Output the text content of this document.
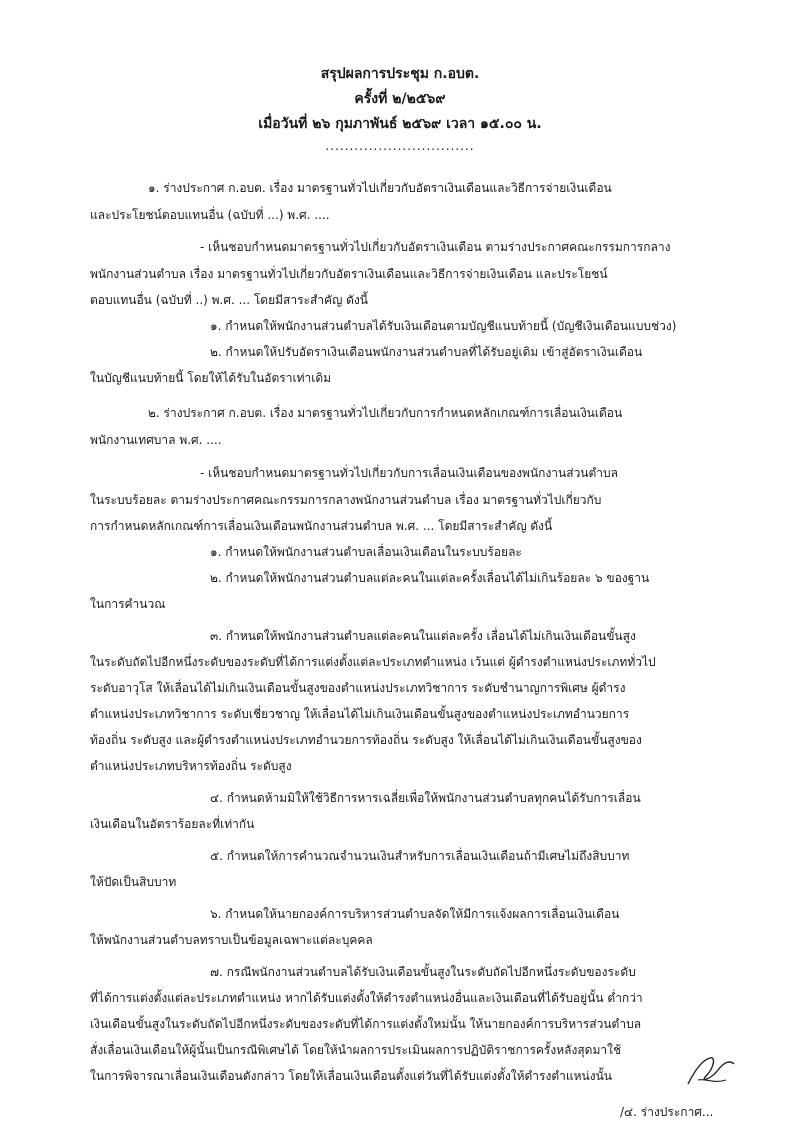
สรุปผลการประชุม ก.อบต.
ครั้งที่ ๒/๒๕๖๙
เมื่อวันที่ ๒๖ กุมภาพันธ์ ๒๕๖๙ เวลา ๑๕.๐๐ น.
...............................
๑. ร่างประกาศ ก.อบต. เรื่อง มาตรฐานทั่วไปเกี่ยวกับอัตราเงินเดือนและวิธีการจ่ายเงินเดือน
และประโยชน์ตอบแทนอื่น (ฉบับที่ ...) พ.ศ. ....
- เห็นชอบกำหนดมาตรฐานทั่วไปเกี่ยวกับอัตราเงินเดือน ตามร่างประกาศคณะกรรมการกลาง
พนักงานส่วนตำบล เรื่อง มาตรฐานทั่วไปเกี่ยวกับอัตราเงินเดือนและวิธีการจ่ายเงินเดือน และประโยชน์
ตอบแทนอื่น (ฉบับที่ ..) พ.ศ. ... โดยมีสาระสำคัญ ดังนี้
๑. กำหนดให้พนักงานส่วนตำบลได้รับเงินเดือนตามบัญชีแนบท้ายนี้ (บัญชีเงินเดือนแบบช่วง)
๒. กำหนดให้ปรับอัตราเงินเดือนพนักงานส่วนตำบลที่ได้รับอยู่เดิม เข้าสู่อัตราเงินเดือน
ในบัญชีแนบท้ายนี้ โดยให้ได้รับในอัตราเท่าเดิม
๒. ร่างประกาศ ก.อบต. เรื่อง มาตรฐานทั่วไปเกี่ยวกับการกำหนดหลักเกณฑ์การเลื่อนเงินเดือน
พนักงานเทศบาล พ.ศ. ....
- เห็นชอบกำหนดมาตรฐานทั่วไปเกี่ยวกับการเลื่อนเงินเดือนของพนักงานส่วนตำบล
ในระบบร้อยละ ตามร่างประกาศคณะกรรมการกลางพนักงานส่วนตำบล เรื่อง มาตรฐานทั่วไปเกี่ยวกับ
การกำหนดหลักเกณฑ์การเลื่อนเงินเดือนพนักงานส่วนตำบล พ.ศ. ... โดยมีสาระสำคัญ ดังนี้
๑. กำหนดให้พนักงานส่วนตำบลเลื่อนเงินเดือนในระบบร้อยละ
๒. กำหนดให้พนักงานส่วนตำบลแต่ละคนในแต่ละครั้งเลื่อนได้ไม่เกินร้อยละ ๖ ของฐาน
ในการคำนวณ
๓. กำหนดให้พนักงานส่วนตำบลแต่ละคนในแต่ละครั้ง เลื่อนได้ไม่เกินเงินเดือนขั้นสูง
ในระดับถัดไปอีกหนึ่งระดับของระดับที่ได้การแต่งตั้งแต่ละประเภทตำแหน่ง เว้นแต่ ผู้ดำรงตำแหน่งประเภททั่วไป
ระดับอาวุโส ให้เลื่อนได้ไม่เกินเงินเดือนขั้นสูงของตำแหน่งประเภทวิชาการ ระดับชำนาญการพิเศษ ผู้ดำรง
ตำแหน่งประเภทวิชาการ ระดับเชี่ยวชาญ ให้เลื่อนได้ไม่เกินเงินเดือนขั้นสูงของตำแหน่งประเภทอำนวยการ
ท้องถิ่น ระดับสูง และผู้ดำรงตำแหน่งประเภทอำนวยการท้องถิ่น ระดับสูง ให้เลื่อนได้ไม่เกินเงินเดือนขั้นสูงของ
ตำแหน่งประเภทบริหารท้องถิ่น ระดับสูง
๔. กำหนดห้ามมิให้ใช้วิธีการหารเฉลี่ยเพื่อให้พนักงานส่วนตำบลทุกคนได้รับการเลื่อน
เงินเดือนในอัตราร้อยละที่เท่ากัน
๕. กำหนดให้การคำนวณจำนวนเงินสำหรับการเลื่อนเงินเดือนถ้ามีเศษไม่ถึงสิบบาท
ให้ปัดเป็นสิบบาท
๖. กำหนดให้นายกองค์การบริหารส่วนตำบลจัดให้มีการแจ้งผลการเลื่อนเงินเดือน
ให้พนักงานส่วนตำบลทราบเป็นข้อมูลเฉพาะแต่ละบุคคล
๗. กรณีพนักงานส่วนตำบลได้รับเงินเดือนขั้นสูงในระดับถัดไปอีกหนึ่งระดับของระดับ
ที่ได้การแต่งตั้งแต่ละประเภทตำแหน่ง หากได้รับแต่งตั้งให้ดำรงตำแหน่งอื่นและเงินเดือนที่ได้รับอยู่นั้น ต่ำกว่า
เงินเดือนขั้นสูงในระดับถัดไปอีกหนึ่งระดับของระดับที่ได้การแต่งตั้งใหม่นั้น ให้นายกองค์การบริหารส่วนตำบล
สั่งเลื่อนเงินเดือนให้ผู้นั้นเป็นกรณีพิเศษได้ โดยให้นำผลการประเมินผลการปฏิบัติราชการครั้งหลังสุดมาใช้
ในการพิจารณาเลื่อนเงินเดือนดังกล่าว โดยให้เลื่อนเงินเดือนตั้งแต่วันที่ได้รับแต่งตั้งให้ดำรงตำแหน่งนั้น
/๔. ร่างประกาศ...
